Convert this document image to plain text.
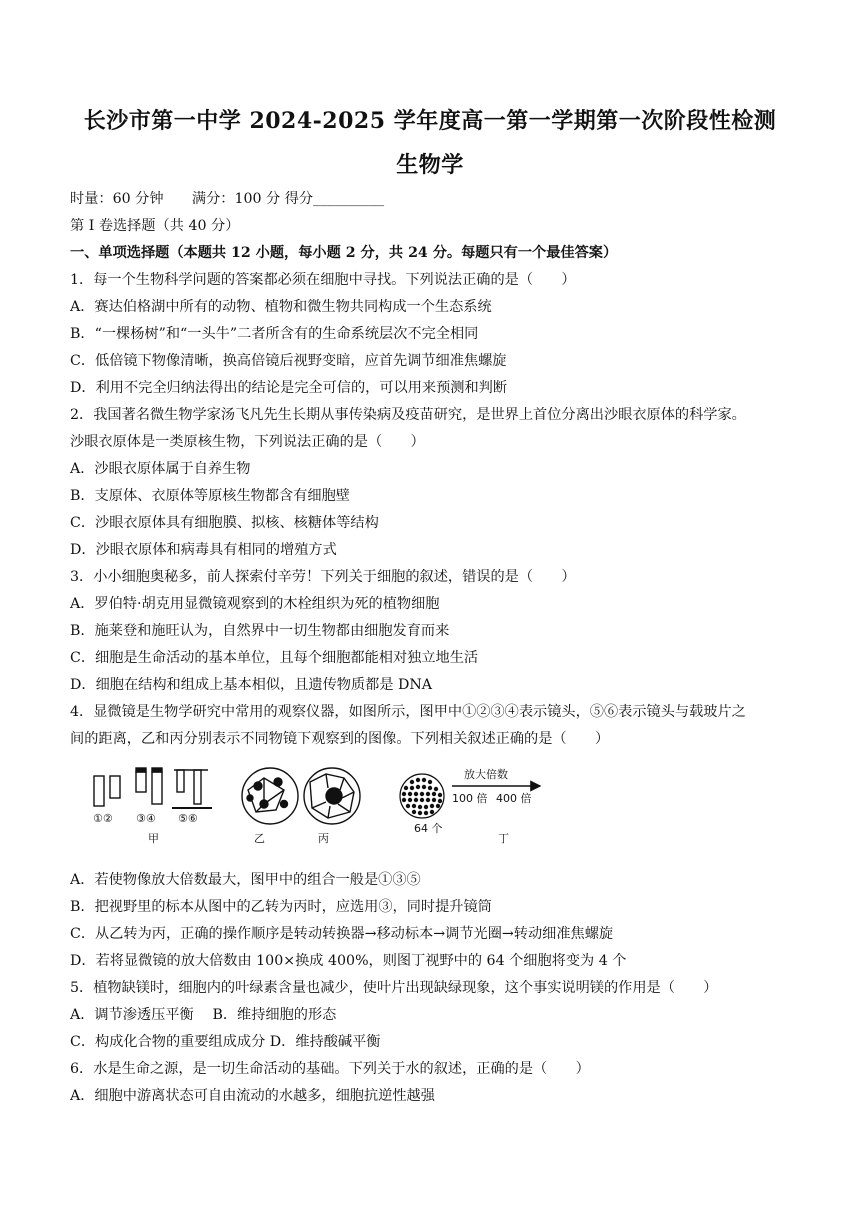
长沙市第一中学 2024-2025 学年度高一第一学期第一次阶段性检测
生物学
时量：60 分钟　　满分：100 分 得分__________
第 I 卷选择题（共 40 分）
一、单项选择题（本题共 12 小题，每小题 2 分，共 24 分。每题只有一个最佳答案）
1．每一个生物科学问题的答案都必须在细胞中寻找。下列说法正确的是（　　）
A．赛达伯格湖中所有的动物、植物和微生物共同构成一个生态系统
B．“一棵杨树”和“一头牛”二者所含有的生命系统层次不完全相同
C．低倍镜下物像清晰，换高倍镜后视野变暗，应首先调节细准焦螺旋
D．利用不完全归纳法得出的结论是完全可信的，可以用来预测和判断
2．我国著名微生物学家汤飞凡先生长期从事传染病及疫苗研究，是世界上首位分离出沙眼衣原体的科学家。
沙眼衣原体是一类原核生物，下列说法正确的是（　　）
A．沙眼衣原体属于自养生物
B．支原体、衣原体等原核生物都含有细胞壁
C．沙眼衣原体具有细胞膜、拟核、核糖体等结构
D．沙眼衣原体和病毒具有相同的增殖方式
3．小小细胞奥秘多，前人探索付辛劳！下列关于细胞的叙述，错误的是（　　）
A．罗伯特·胡克用显微镜观察到的木栓组织为死的植物细胞
B．施莱登和施旺认为，自然界中一切生物都由细胞发育而来
C．细胞是生命活动的基本单位，且每个细胞都能相对独立地生活
D．细胞在结构和组成上基本相似，且遗传物质都是 DNA
4．显微镜是生物学研究中常用的观察仪器，如图所示，图甲中①②③④表示镜头，⑤⑥表示镜头与载玻片之
间的距离，乙和丙分别表示不同物镜下观察到的图像。下列相关叙述正确的是（　　）
①② ③④ ⑤⑥
甲	乙	丙	丁
放大倍数
100 倍 400 倍
64 个
A．若使物像放大倍数最大，图甲中的组合一般是①③⑤
B．把视野里的标本从图中的乙转为丙时，应选用③，同时提升镜筒
C．从乙转为丙，正确的操作顺序是转动转换器→移动标本→调节光圈→转动细准焦螺旋
D．若将显微镜的放大倍数由 100×换成 400%，则图丁视野中的 64 个细胞将变为 4 个
5．植物缺镁时，细胞内的叶绿素含量也减少，使叶片出现缺绿现象，这个事实说明镁的作用是（　　）
A．调节渗透压平衡　 B．维持细胞的形态
C．构成化合物的重要组成成分 D．维持酸碱平衡
6．水是生命之源，是一切生命活动的基础。下列关于水的叙述，正确的是（　　）
A．细胞中游离状态可自由流动的水越多，细胞抗逆性越强
